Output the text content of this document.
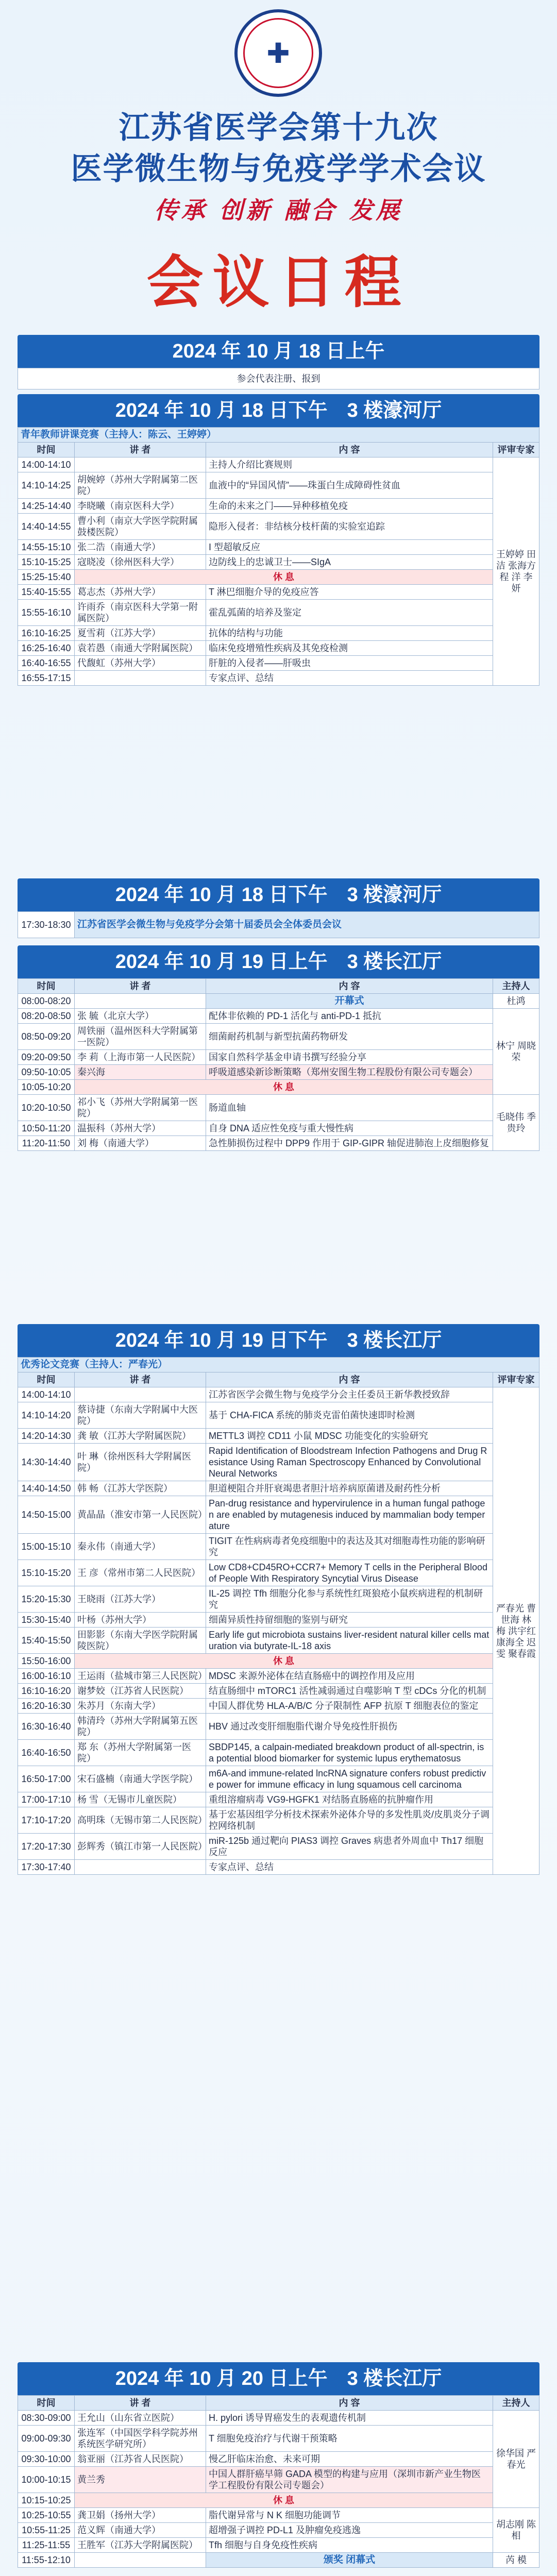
✚
江苏省医学会第十九次
医学微生物与免疫学学术会议
传承 创新 融合 发展
会议日程
2024 年 10 月 18 日上午
参会代表注册、报到
2024 年 10 月 18 日下午　3 楼濠河厅
青年教师讲课竞赛（主持人：陈云、王婷婷）			
时间	讲 者	内 容	评审专家
14:00-14:10		主持人介绍比赛规则	王婷婷 田 洁 张海方 程 洋 李 妍
14:10-14:25	胡婉婷（苏州大学附属第二医院）	血液中的“异国风情”——珠蛋白生成障碍性贫血	
14:25-14:40	李晓曦（南京医科大学）	生命的未来之门——异种移植免疫	
14:40-14:55	曹小利（南京大学医学院附属鼓楼医院）	隐形入侵者：非结核分枝杆菌的实验室追踪	
14:55-15:10	张二浩（南通大学）	I 型超敏反应	
15:10-15:25	寇晓凌（徐州医科大学）	边防线上的忠诚卫士——SIgA	
15:25-15:40	休 息		
15:40-15:55	葛志杰（苏州大学）	T 淋巴细胞介导的免疫应答	
15:55-16:10	许雨乔（南京医科大学第一附属医院）	霍乱弧菌的培养及鉴定	
16:10-16:25	夏雪莉（江苏大学）	抗体的结构与功能	
16:25-16:40	袁若愚（南通大学附属医院）	临床免疫增殖性疾病及其免疫检测	
16:40-16:55	代馥虹（苏州大学）	肝脏的入侵者——肝吸虫	
16:55-17:15		专家点评、总结	
2024 年 10 月 18 日下午　3 楼濠河厅
17:30-18:30	江苏省医学会微生物与免疫学分会第十届委员会全体委员会议
2024 年 10 月 19 日上午　3 楼长江厅
时间	讲 者	内 容	主持人
08:00-08:20		开幕式	杜鸿
08:20-08:50	张 毓（北京大学）	配体非依赖的 PD-1 活化与 anti-PD-1 抵抗	林宁 周晓荣
08:50-09:20	周铁丽（温州医科大学附属第一医院）	细菌耐药机制与新型抗菌药物研发	
09:20-09:50	李 莉（上海市第一人民医院）	国家自然科学基金申请书撰写经验分享	
09:50-10:05	秦兴海	呼吸道感染新诊断策略（郑州安图生物工程股份有限公司专题会）	
10:05-10:20	休 息		
10:20-10:50	祁小飞（苏州大学附属第一医院）	肠道血轴	毛晓伟 季贵玲
10:50-11:20	温振科（苏州大学）	自身 DNA 适应性免疫与重大慢性病	
11:20-11:50	刘 梅（南通大学）	急性肺损伤过程中 DPP9 作用于 GIP-GIPR 轴促进肺泡上皮细胞修复	
2024 年 10 月 19 日下午　3 楼长江厅
优秀论文竞赛（主持人：严春光）			
时间	讲 者	内 容	评审专家
14:00-14:10		江苏省医学会微生物与免疫学分会主任委员王新华教授致辞	严春光 曹世海 林 梅 洪宇红 康海全 迟 雯 聚春霞
14:10-14:20	蔡诗捷（东南大学附属中大医院）	基于 CHA-FICA 系统的肺炎克雷伯菌快速即时检测	
14:20-14:30	龚 敏（江苏大学附属医院）	METTL3 调控 CD11 小鼠 MDSC 功能变化的实验研究	
14:30-14:40	叶 琳（徐州医科大学附属医院）	Rapid Identification of Bloodstream Infection Pathogens and Drug Resistance Using Raman Spectroscopy Enhanced by Convolutional Neural Networks	
14:40-14:50	韩 畅（江苏大学医院）	胆道梗阻合并肝衰竭患者胆汁培养病原菌谱及耐药性分析	
14:50-15:00	黄晶晶（淮安市第一人民医院）	Pan-drug resistance and hypervirulence in a human fungal pathogen are enabled by mutagenesis induced by mammalian body temperature	
15:00-15:10	秦永伟（南通大学）	TIGIT 在性病病毒者免疫细胞中的表达及其对细胞毒性功能的影响研究	
15:10-15:20	王 彦（常州市第二人民医院）	Low CD8+CD45RO+CCR7+ Memory T cells in the Peripheral Blood of People With Respiratory Syncytial Virus Disease	
15:20-15:30	王晓雨（江苏大学）	IL-25 调控 Tfh 细胞分化参与系统性红斑狼疮小鼠疾病进程的机制研究	
15:30-15:40	叶杨（苏州大学）	细菌异质性持留细胞的鉴别与研究	
15:40-15:50	田影影（东南大学医学院附属陵医院）	Early life gut microbiota sustains liver-resident natural killer cells maturation via butyrate-IL-18 axis	
15:50-16:00	休 息		
16:00-16:10	王运雨（盐城市第三人民医院）	MDSC 来源外泌体在结直肠癌中的调控作用及应用	
16:10-16:20	谢梦姣（江苏省人民医院）	结直肠细中 mTORC1 活性减弱通过自噬影响 T 型 cDCs 分化的机制	
16:20-16:30	朱苏月（东南大学）	中国人群优势 HLA-A/B/C 分子限制性 AFP 抗原 T 细胞表位的鉴定	
16:30-16:40	韩清玲（苏州大学附属第五医院）	HBV 通过改变肝细胞脂代谢介导免疫性肝损伤	
16:40-16:50	郑 东（苏州大学附属第一医院）	SBDP145, a calpain-mediated breakdown product of all-spectrin, is a potential blood biomarker for systemic lupus erythematosus	
16:50-17:00	宋石盛楠（南通大学医学院）	m6A-and immune-related lncRNA signature confers robust predictive power for immune efficacy in lung squamous cell carcinoma	
17:00-17:10	杨 雪（无锡市儿童医院）	重组溶瘤病毒 VG9-HGFK1 对结肠直肠癌的抗肿瘤作用	
17:10-17:20	高明珠（无锡市第二人民医院）	基于宏基因组学分析技术探索外泌体介导的多发性肌炎/皮肌炎分子调控网络机制	
17:20-17:30	彭辉秀（镇江市第一人民医院）	miR-125b 通过靶向 PIAS3 调控 Graves 病患者外周血中 Th17 细胞反应	
17:30-17:40		专家点评、总结	
2024 年 10 月 20 日上午　3 楼长江厅
时间	讲 者	内 容	主持人
08:30-09:00	王允山（山东省立医院）	H. pylori 诱导胃癌发生的表观遗传机制	徐华国 严春光
09:00-09:30	张连军（中国医学科学院苏州系统医学研究所）	T 细胞免疫治疗与代谢干预策略	
09:30-10:00	翁亚丽（江苏省人民医院）	慢乙肝临床治愈、未来可期	
10:00-10:15	黄兰秀	中国人群肝癌早筛 GADA 模型的构建与应用（深圳市新产业生物医学工程股份有限公司专题会）	
10:15-10:25	休 息		
10:25-10:55	龚卫娟（扬州大学）	脂代谢异常与 N K 细胞功能调节	胡志刚 陈 相
10:55-11:25	范义辉（南通大学）	超增强子调控 PD-L1 及肿瘤免疫逃逸	
11:25-11:55	王胜军（江苏大学附属医院）	Tfh 细胞与自身免疫性疾病	
11:55-12:10		颁奖 闭幕式	芮 模
